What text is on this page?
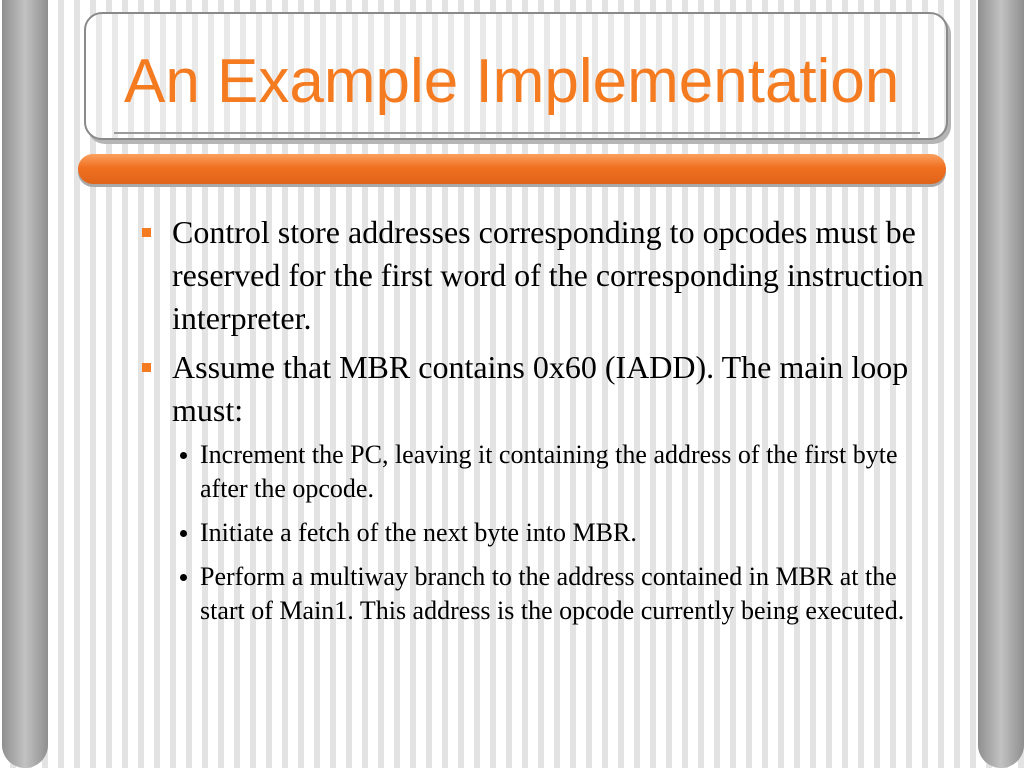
An Example Implementation
Control store addresses corresponding to opcodes must be reserved for the first word of the corresponding instruction interpreter.
Assume that MBR contains 0x60 (IADD). The main loop must:
Increment the PC, leaving it containing the address of the first byte after the opcode.
Initiate a fetch of the next byte into MBR.
Perform a multiway branch to the address contained in MBR at the start of Main1. This address is the opcode currently being executed.
